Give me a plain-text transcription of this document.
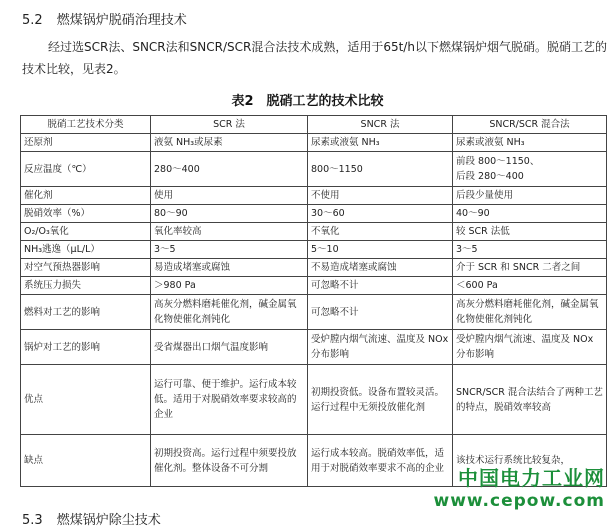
5.2 燃煤锅炉脱硝治理技术
经过选SCR法、SNCR法和SNCR/SCR混合法技术成熟，适用于65t/h以下燃煤锅炉烟气脱硝。脱硝工艺的技术比较，见表2。
表2　脱硝工艺的技术比较
脱硝工艺技术分类	SCR 法	SNCR 法	SNCR/SCR 混合法
还原剂	液氨 NH₃或尿素	尿素或液氨 NH₃	尿素或液氨 NH₃
反应温度（℃）	280～400	800～1150	前段 800～1150、
后段 280～400
催化剂	使用	不使用	后段少量使用
脱硝效率（%）	80～90	30～60	40～90
O₂/O₃氧化	氧化率较高	不氧化	较 SCR 法低
NH₃逃逸（μL/L）	3～5	5～10	3～5
对空气预热器影响	易造成堵塞或腐蚀	不易造成堵塞或腐蚀	介于 SCR 和 SNCR 二者之间
系统压力损失	＞980 Pa	可忽略不计	＜600 Pa
燃料对工艺的影响	高灰分燃料磨耗催化剂，碱金属氧化物使催化剂钝化	可忽略不计	高灰分燃料磨耗催化剂，碱金属氧化物使催化剂钝化
锅炉对工艺的影响	受省煤器出口烟气温度影响	受炉膛内烟气流速、温度及 NOx 分布影响	受炉膛内烟气流速、温度及 NOx 分布影响
优点	运行可靠、便于维护。运行成本较低。适用于对脱硝效率要求较高的企业	初期投资低。设备布置较灵活。运行过程中无须投放催化剂	SNCR/SCR 混合法结合了两种工艺的特点，脱硝效率较高
缺点	初期投资高。运行过程中须要投放催化剂。整体设备不可分割	运行成本较高。脱硝效率低，适用于对脱硝效率要求不高的企业	该技术运行系统比较复杂，
中国电力工业网
www.cepow.com
5.3 燃煤锅炉除尘技术
